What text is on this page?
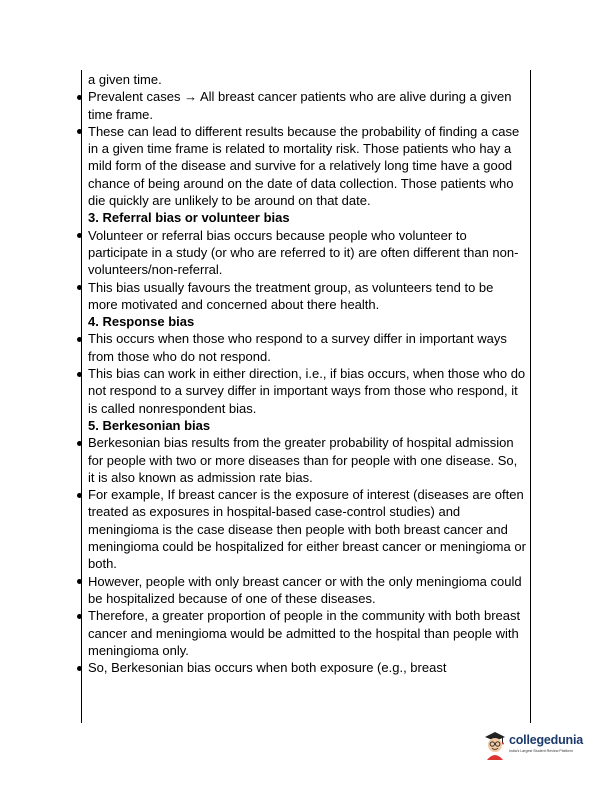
a given time.

Prevalent cases → All breast cancer patients who are alive during a given time frame.
These can lead to different results because the probability of finding a case in a given time frame is related to mortality risk. Those patients who hay a mild form of the disease and survive for a relatively long time have a good chance of being around on the date of data collection. Those patients who die quickly are unlikely to be around on that date.
3. Referral bias or volunteer bias
Volunteer or referral bias occurs because people who volunteer to participate in a study (or who are referred to it) are often different than non-volunteers/non-referral.
This bias usually favours the treatment group, as volunteers tend to be more motivated and concerned about there health.
4. Response bias
This occurs when those who respond to a survey differ in important ways from those who do not respond.
This bias can work in either direction, i.e., if bias occurs, when those who do not respond to a survey differ in important ways from those who respond, it is called nonrespondent bias.
5. Berkesonian bias
Berkesonian bias results from the greater probability of hospital admission for people with two or more diseases than for people with one disease. So, it is also known as admission rate bias.
For example, If breast cancer is the exposure of interest (diseases are often treated as exposures in hospital-based case-control studies) and meningioma is the case disease then people with both breast cancer and meningioma could be hospitalized for either breast cancer or meningioma or both.
However, people with only breast cancer or with the only meningioma could be hospitalized because of one of these diseases.
Therefore, a greater proportion of people in the community with both breast cancer and meningioma would be admitted to the hospital than people with meningioma only.
So, Berkesonian bias occurs when both exposure (e.g., breast
collegedunia
India's Largest Student Review Platform
